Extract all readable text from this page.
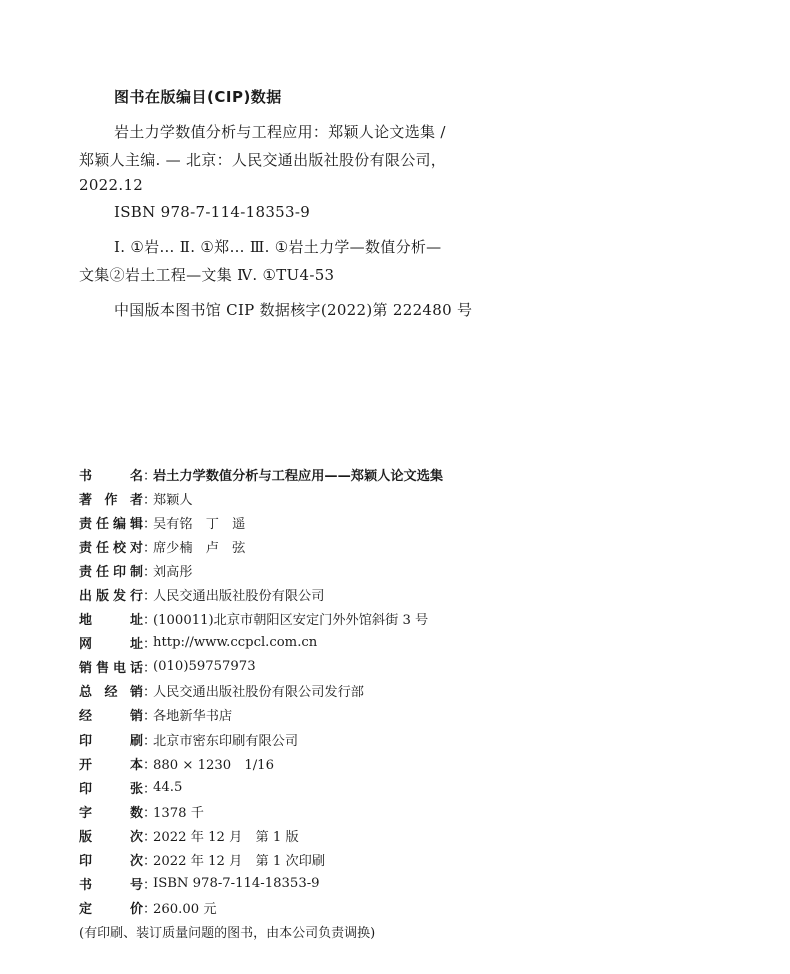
图书在版编目(CIP)数据
岩土力学数值分析与工程应用：郑颖人论文选集 /
郑颖人主编. — 北京：人民交通出版社股份有限公司，
2022.12
ISBN 978-7-114-18353-9
Ⅰ. ①岩… Ⅱ. ①郑… Ⅲ. ①岩土力学—数值分析—
文集②岩土工程—文集 Ⅳ. ①TU4-53
中国版本图书馆 CIP 数据核字(2022)第 222480 号
书名 ：
岩土力学数值分析与工程应用——郑颖人论文选集
著作者 ：
郑颖人
责任编辑 ：
吴有铭　丁　遥
责任校对 ：
席少楠　卢　弦
责任印制 ：
刘高彤
出版发行 ：
人民交通出版社股份有限公司
地址 ：
(100011)北京市朝阳区安定门外外馆斜街 3 号
网址 ：
http://www.ccpcl.com.cn
销售电话 ：
(010)59757973
总经销 ：
人民交通出版社股份有限公司发行部
经销 ：
各地新华书店
印刷 ：
北京市密东印刷有限公司
开本 ：
880 × 1230　1/16
印张 ：
44.5
字数 ：
1378 千
版次 ：
2022 年 12 月　第 1 版
印次 ：
2022 年 12 月　第 1 次印刷
书号 ：
ISBN 978-7-114-18353-9
定价 ：
260.00 元
(有印刷、装订质量问题的图书，由本公司负责调换)
